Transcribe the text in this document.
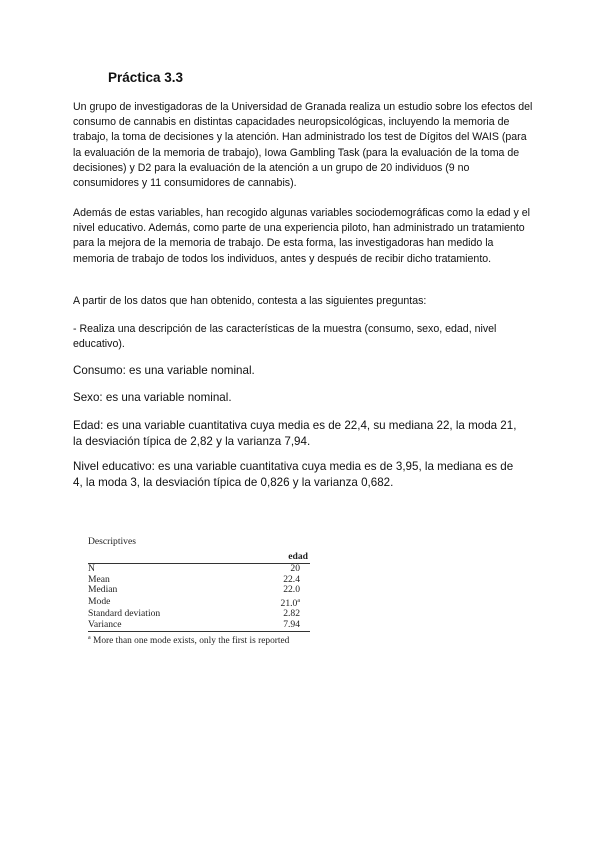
Práctica 3.3

Un grupo de investigadoras de la Universidad de Granada realiza un estudio sobre los efectos del consumo de cannabis en distintas capacidades neuropsicológicas, incluyendo la memoria de trabajo, la toma de decisiones y la atención. Han administrado los test de Dígitos del WAIS (para la evaluación de la memoria de trabajo), Iowa Gambling Task (para la evaluación de la toma de decisiones) y D2 para la evaluación de la atención a un grupo de 20 individuos (9 no consumidores y 11 consumidores de cannabis).

Además de estas variables, han recogido algunas variables sociodemográficas como la edad y el nivel educativo. Además, como parte de una experiencia piloto, han administrado un tratamiento para la mejora de la memoria de trabajo. De esta forma, las investigadoras han medido la memoria de trabajo de todos los individuos, antes y después de recibir dicho tratamiento.

A partir de los datos que han obtenido, contesta a las siguientes preguntas:

- Realiza una descripción de las características de la muestra (consumo, sexo, edad, nivel educativo).

Consumo: es una variable nominal.

Sexo: es una variable nominal.

Edad: es una variable cuantitativa cuya media es de 22,4, su mediana 22, la moda 21, la desviación típica de 2,82 y la varianza 7,94.

Nivel educativo: es una variable cuantitativa cuya media es de 3,95, la mediana es de 4, la moda 3, la desviación típica de 0,826 y la varianza 0,682.

Descriptives
	edad
N	20
Mean	22.4
Median	22.0
Mode	21.0$^a$
Standard deviation	2.82
Variance	7.94
$^a$ More than one mode exists, only the first is reported
